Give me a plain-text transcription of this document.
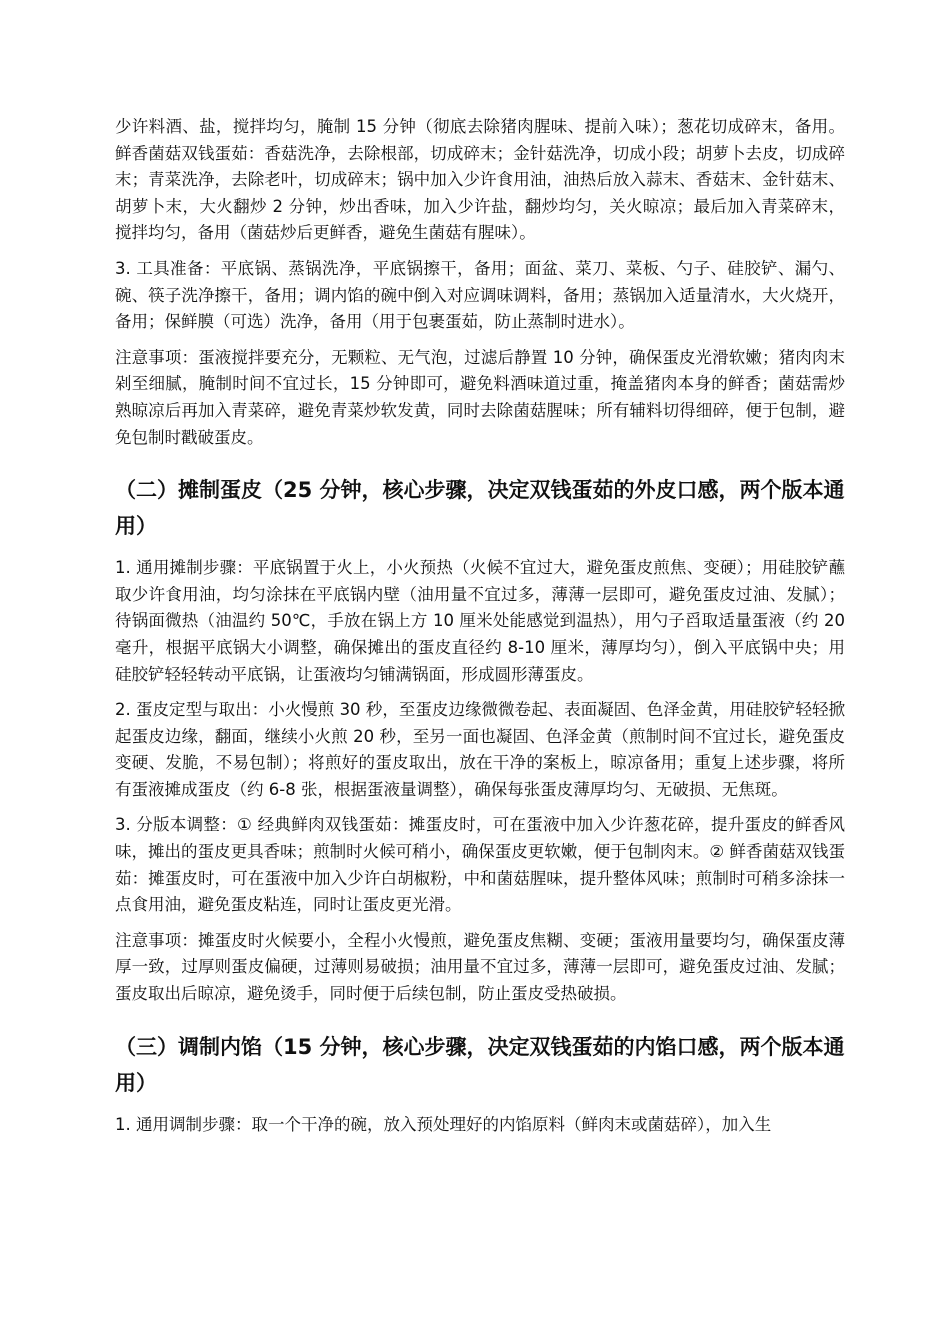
少许料酒、盐，搅拌均匀，腌制 15 分钟（彻底去除猪肉腥味、提前入味）；葱花切成碎末，备用。鲜香菌菇双钱蛋茹：香菇洗净，去除根部，切成碎末；金针菇洗净，切成小段；胡萝卜去皮，切成碎末；青菜洗净，去除老叶，切成碎末；锅中加入少许食用油，油热后放入蒜末、香菇末、金针菇末、胡萝卜末，大火翻炒 2 分钟，炒出香味，加入少许盐，翻炒均匀，关火晾凉；最后加入青菜碎末，搅拌均匀，备用（菌菇炒后更鲜香，避免生菌菇有腥味）。

3. 工具准备：平底锅、蒸锅洗净，平底锅擦干，备用；面盆、菜刀、菜板、勺子、硅胶铲、漏勺、碗、筷子洗净擦干，备用；调内馅的碗中倒入对应调味调料，备用；蒸锅加入适量清水，大火烧开，备用；保鲜膜（可选）洗净，备用（用于包裹蛋茹，防止蒸制时进水）。

注意事项：蛋液搅拌要充分，无颗粒、无气泡，过滤后静置 10 分钟，确保蛋皮光滑软嫩；猪肉肉末剁至细腻，腌制时间不宜过长，15 分钟即可，避免料酒味道过重，掩盖猪肉本身的鲜香；菌菇需炒熟晾凉后再加入青菜碎，避免青菜炒软发黄，同时去除菌菇腥味；所有辅料切得细碎，便于包制，避免包制时戳破蛋皮。

（二）摊制蛋皮（25 分钟，核心步骤，决定双钱蛋茹的外皮口感，两个版本通用）

1. 通用摊制步骤：平底锅置于火上，小火预热（火候不宜过大，避免蛋皮煎焦、变硬）；用硅胶铲蘸取少许食用油，均匀涂抹在平底锅内壁（油用量不宜过多，薄薄一层即可，避免蛋皮过油、发腻）；待锅面微热（油温约 50℃，手放在锅上方 10 厘米处能感觉到温热），用勺子舀取适量蛋液（约 20 毫升，根据平底锅大小调整，确保摊出的蛋皮直径约 8-10 厘米，薄厚均匀），倒入平底锅中央；用硅胶铲轻轻转动平底锅，让蛋液均匀铺满锅面，形成圆形薄蛋皮。

2. 蛋皮定型与取出：小火慢煎 30 秒，至蛋皮边缘微微卷起、表面凝固、色泽金黄，用硅胶铲轻轻掀起蛋皮边缘，翻面，继续小火煎 20 秒，至另一面也凝固、色泽金黄（煎制时间不宜过长，避免蛋皮变硬、发脆，不易包制）；将煎好的蛋皮取出，放在干净的案板上，晾凉备用；重复上述步骤，将所有蛋液摊成蛋皮（约 6-8 张，根据蛋液量调整），确保每张蛋皮薄厚均匀、无破损、无焦斑。

3. 分版本调整：① 经典鲜肉双钱蛋茹：摊蛋皮时，可在蛋液中加入少许葱花碎，提升蛋皮的鲜香风味，摊出的蛋皮更具香味；煎制时火候可稍小，确保蛋皮更软嫩，便于包制肉末。② 鲜香菌菇双钱蛋茹：摊蛋皮时，可在蛋液中加入少许白胡椒粉，中和菌菇腥味，提升整体风味；煎制时可稍多涂抹一点食用油，避免蛋皮粘连，同时让蛋皮更光滑。

注意事项：摊蛋皮时火候要小，全程小火慢煎，避免蛋皮焦糊、变硬；蛋液用量要均匀，确保蛋皮薄厚一致，过厚则蛋皮偏硬，过薄则易破损；油用量不宜过多，薄薄一层即可，避免蛋皮过油、发腻；蛋皮取出后晾凉，避免烫手，同时便于后续包制，防止蛋皮受热破损。

（三）调制内馅（15 分钟，核心步骤，决定双钱蛋茹的内馅口感，两个版本通用）

1. 通用调制步骤：取一个干净的碗，放入预处理好的内馅原料（鲜肉末或菌菇碎），加入生
